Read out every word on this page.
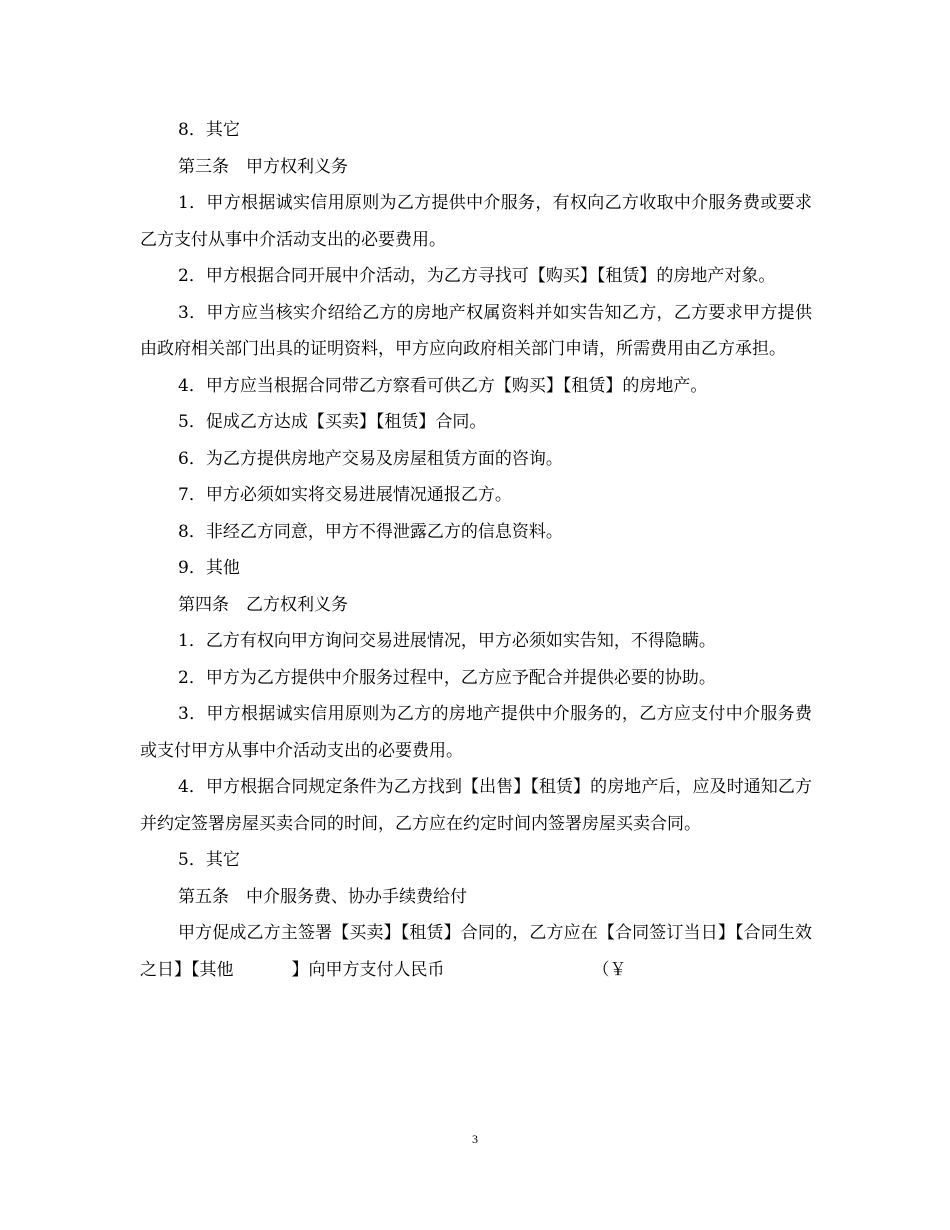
8．其它

第三条　甲方权利义务

1．甲方根据诚实信用原则为乙方提供中介服务，有权向乙方收取中介服务费或要求乙方支付从事中介活动支出的必要费用。

2．甲方根据合同开展中介活动，为乙方寻找可【购买】【租赁】的房地产对象。

3．甲方应当核实介绍给乙方的房地产权属资料并如实告知乙方，乙方要求甲方提供由政府相关部门出具的证明资料，甲方应向政府相关部门申请，所需费用由乙方承担。

4．甲方应当根据合同带乙方察看可供乙方【购买】【租赁】的房地产。

5．促成乙方达成【买卖】【租赁】合同。

6．为乙方提供房地产交易及房屋租赁方面的咨询。

7．甲方必须如实将交易进展情况通报乙方。

8．非经乙方同意，甲方不得泄露乙方的信息资料。

9．其他

第四条　乙方权利义务

1．乙方有权向甲方询问交易进展情况，甲方必须如实告知，不得隐瞒。

2．甲方为乙方提供中介服务过程中，乙方应予配合并提供必要的协助。

3．甲方根据诚实信用原则为乙方的房地产提供中介服务的，乙方应支付中介服务费或支付甲方从事中介活动支出的必要费用。

4．甲方根据合同规定条件为乙方找到【出售】【租赁】的房地产后，应及时通知乙方并约定签署房屋买卖合同的时间，乙方应在约定时间内签署房屋买卖合同。

5．其它

第五条　中介服务费、协办手续费给付

甲方促成乙方主签署【买卖】【租赁】合同的，乙方应在【合同签订当日】【合同生效之日】【其他	】向甲方支付人民币	（￥

3
